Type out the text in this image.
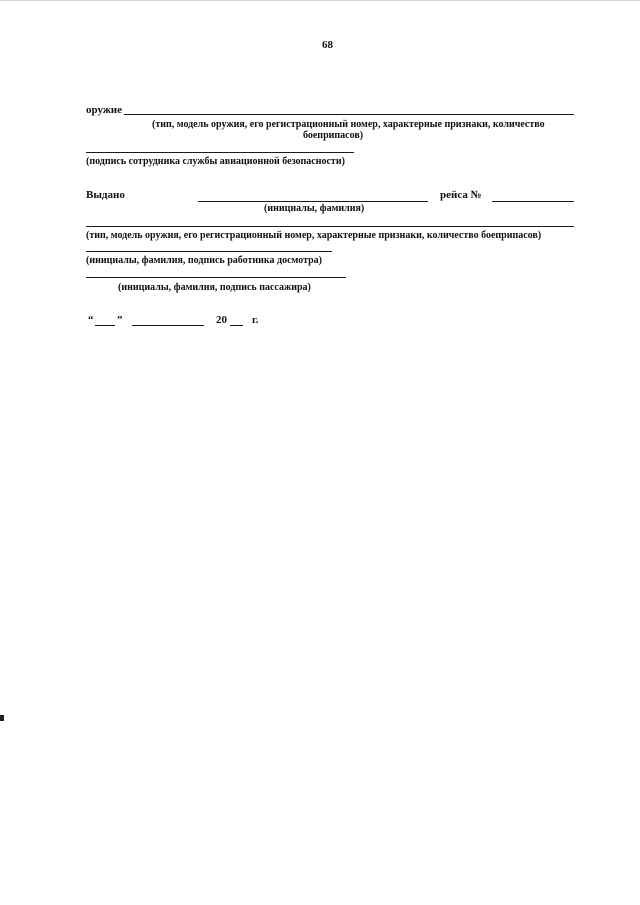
68
оружие
(тип, модель оружия, его регистрационный номер, характерные признаки, количество
боеприпасов)
(подпись сотрудника службы авиационной безопасности)
Выдано	рейса №
(инициалы, фамилия)
(тип, модель оружия, его регистрационный номер, характерные признаки, количество боеприпасов)
(инициалы, фамилия, подпись работника досмотра)
(инициалы, фамилия, подпись пассажира)
“ ”	20 г.
